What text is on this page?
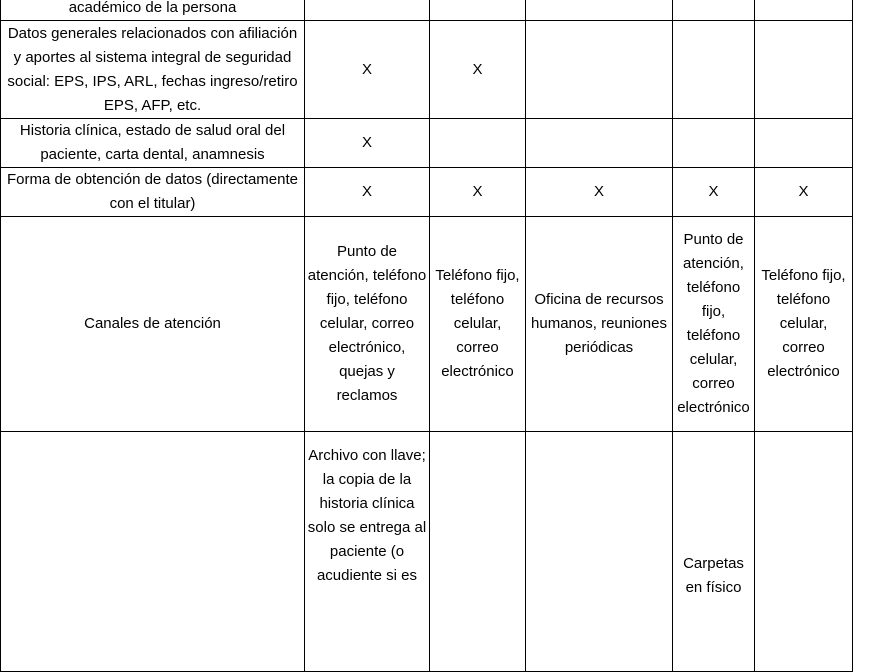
académico de la persona					

Datos generales relacionados con afiliación y aportes al sistema integral de seguridad social: EPS, IPS, ARL, fechas ingreso/retiro EPS, AFP, etc.	X	X			

Historia clínica, estado de salud oral del paciente, carta dental, anamnesis	X				

Forma de obtención de datos (directamente con el titular)	X	X	X	X	X

Canales de atención	Punto de atención, teléfono fijo, teléfono celular, correo electrónico, quejas y reclamos	Teléfono fijo, teléfono celular, correo electrónico	Oficina de recursos humanos, reuniones periódicas	Punto de atención, teléfono fijo, teléfono celular, correo electrónico	Teléfono fijo, teléfono celular, correo electrónico
	Archivo con llave; la copia de la historia clínica solo se entrega al paciente (o acudiente si es			Carpetas en físico	
